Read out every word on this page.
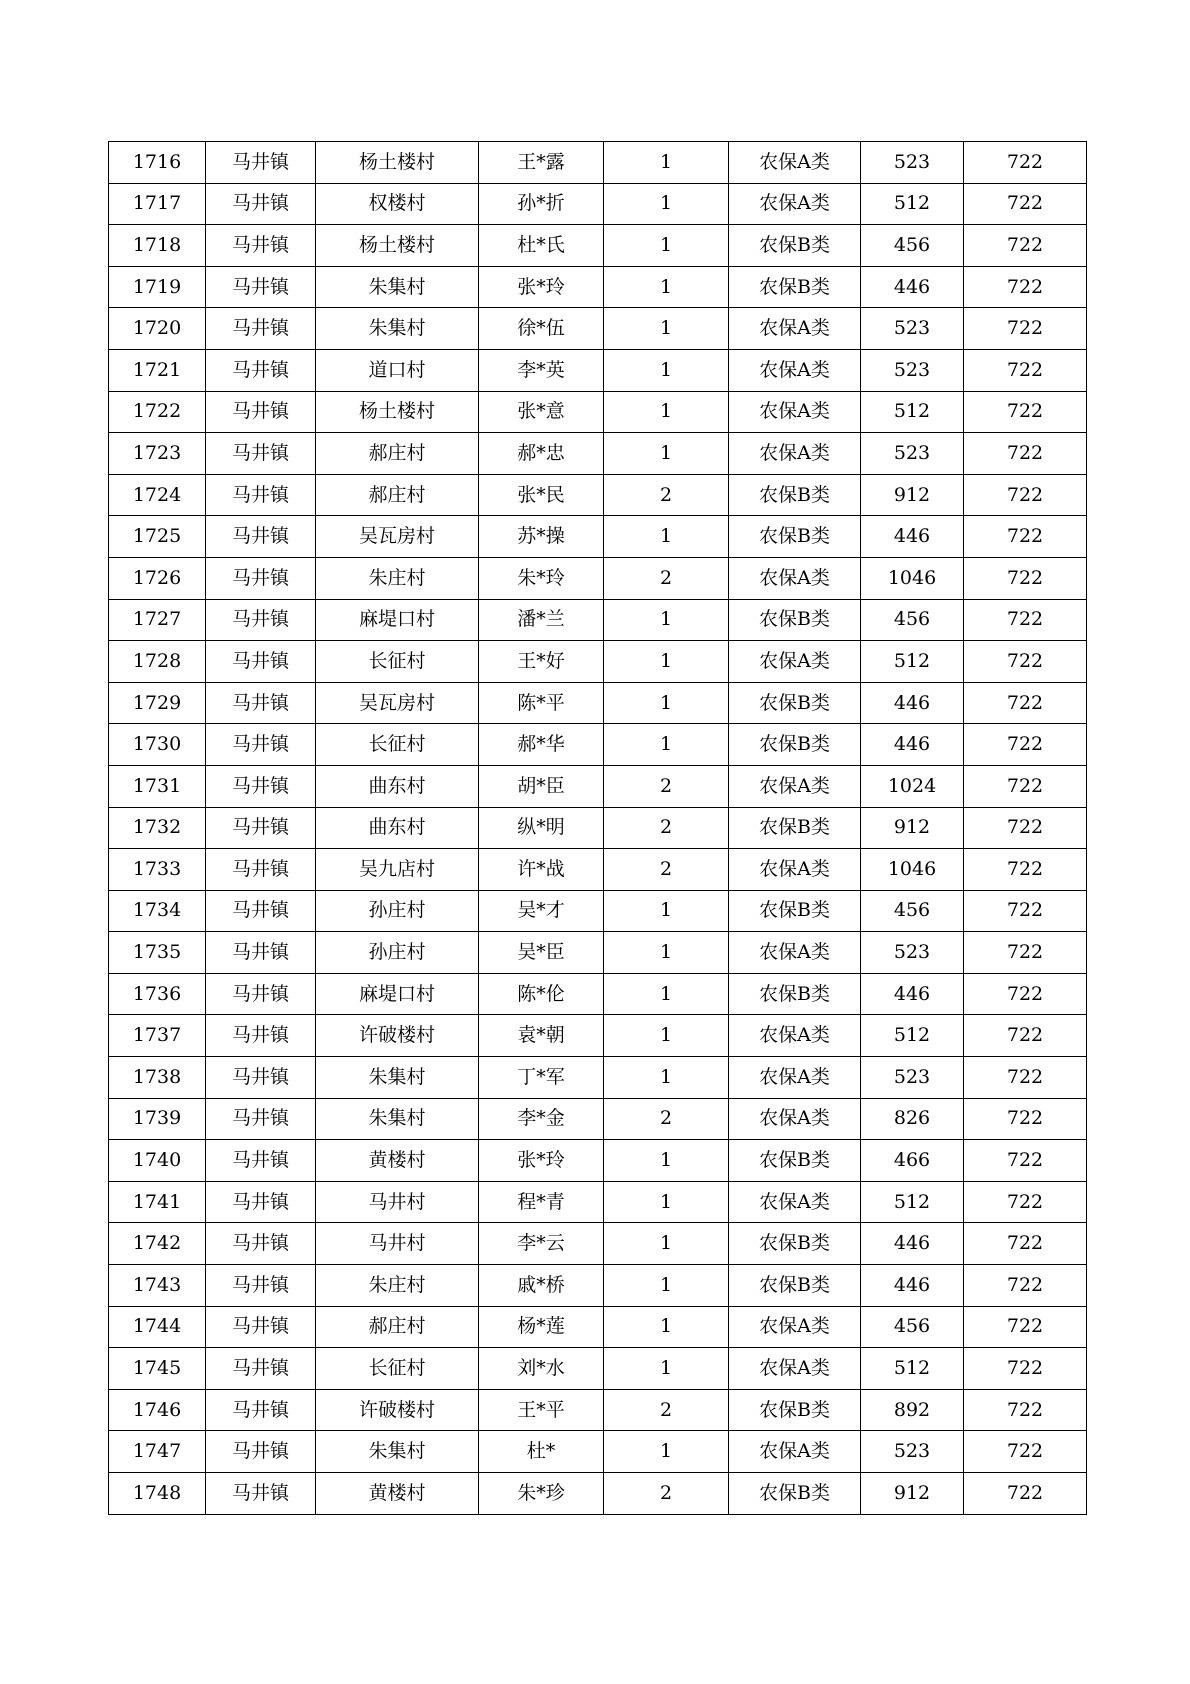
1716	马井镇	杨土楼村	王*露	1	农保A类	523	722
1717	马井镇	权楼村	孙*折	1	农保A类	512	722
1718	马井镇	杨土楼村	杜*氏	1	农保B类	456	722
1719	马井镇	朱集村	张*玲	1	农保B类	446	722
1720	马井镇	朱集村	徐*伍	1	农保A类	523	722
1721	马井镇	道口村	李*英	1	农保A类	523	722
1722	马井镇	杨土楼村	张*意	1	农保A类	512	722
1723	马井镇	郝庄村	郝*忠	1	农保A类	523	722
1724	马井镇	郝庄村	张*民	2	农保B类	912	722
1725	马井镇	吴瓦房村	苏*操	1	农保B类	446	722
1726	马井镇	朱庄村	朱*玲	2	农保A类	1046	722
1727	马井镇	麻堤口村	潘*兰	1	农保B类	456	722
1728	马井镇	长征村	王*好	1	农保A类	512	722
1729	马井镇	吴瓦房村	陈*平	1	农保B类	446	722
1730	马井镇	长征村	郝*华	1	农保B类	446	722
1731	马井镇	曲东村	胡*臣	2	农保A类	1024	722
1732	马井镇	曲东村	纵*明	2	农保B类	912	722
1733	马井镇	吴九店村	许*战	2	农保A类	1046	722
1734	马井镇	孙庄村	吴*才	1	农保B类	456	722
1735	马井镇	孙庄村	吴*臣	1	农保A类	523	722
1736	马井镇	麻堤口村	陈*伦	1	农保B类	446	722
1737	马井镇	许破楼村	袁*朝	1	农保A类	512	722
1738	马井镇	朱集村	丁*军	1	农保A类	523	722
1739	马井镇	朱集村	李*金	2	农保A类	826	722
1740	马井镇	黄楼村	张*玲	1	农保B类	466	722
1741	马井镇	马井村	程*青	1	农保A类	512	722
1742	马井镇	马井村	李*云	1	农保B类	446	722
1743	马井镇	朱庄村	戚*桥	1	农保B类	446	722
1744	马井镇	郝庄村	杨*莲	1	农保A类	456	722
1745	马井镇	长征村	刘*水	1	农保A类	512	722
1746	马井镇	许破楼村	王*平	2	农保B类	892	722
1747	马井镇	朱集村	杜*	1	农保A类	523	722
1748	马井镇	黄楼村	朱*珍	2	农保B类	912	722
